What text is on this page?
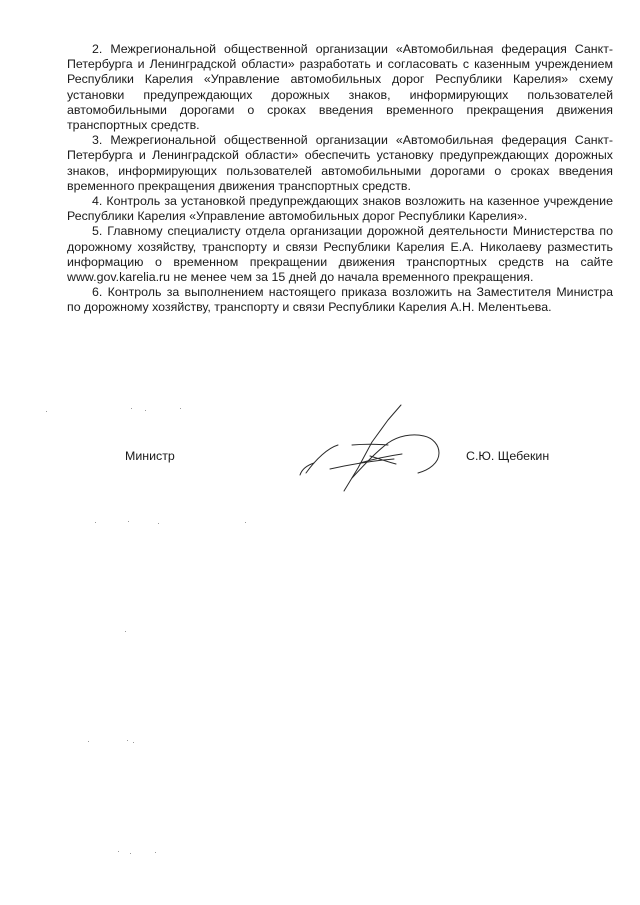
2. Межрегиональной общественной организации «Автомобильная федерация Санкт-Петербурга и Ленинградской области» разработать и согласовать с казенным учреждением Республики Карелия «Управление автомобильных дорог Республики Карелия» схему установки предупреждающих дорожных знаков, информирующих пользователей автомобильными дорогами о сроках введения временного прекращения движения транспортных средств.

3. Межрегиональной общественной организации «Автомобильная федерация Санкт-Петербурга и Ленинградской области» обеспечить установку предупреждающих дорожных знаков, информирующих пользователей автомобильными дорогами о сроках введения временного прекращения движения транспортных средств.

4. Контроль за установкой предупреждающих знаков возложить на казенное учреждение Республики Карелия «Управление автомобильных дорог Республики Карелия».

5. Главному специалисту отдела организации дорожной деятельности Министерства по дорожному хозяйству, транспорту и связи Республики Карелия Е.А. Николаеву разместить информацию о временном прекращении движения транспортных средств на сайте www.gov.karelia.ru не менее чем за 15 дней до начала временного прекращения.

6. Контроль за выполнением настоящего приказа возложить на Заместителя Министра по дорожному хозяйству, транспорту и связи Республики Карелия А.Н. Мелентьева.

Министр	С.Ю. Щебекин
